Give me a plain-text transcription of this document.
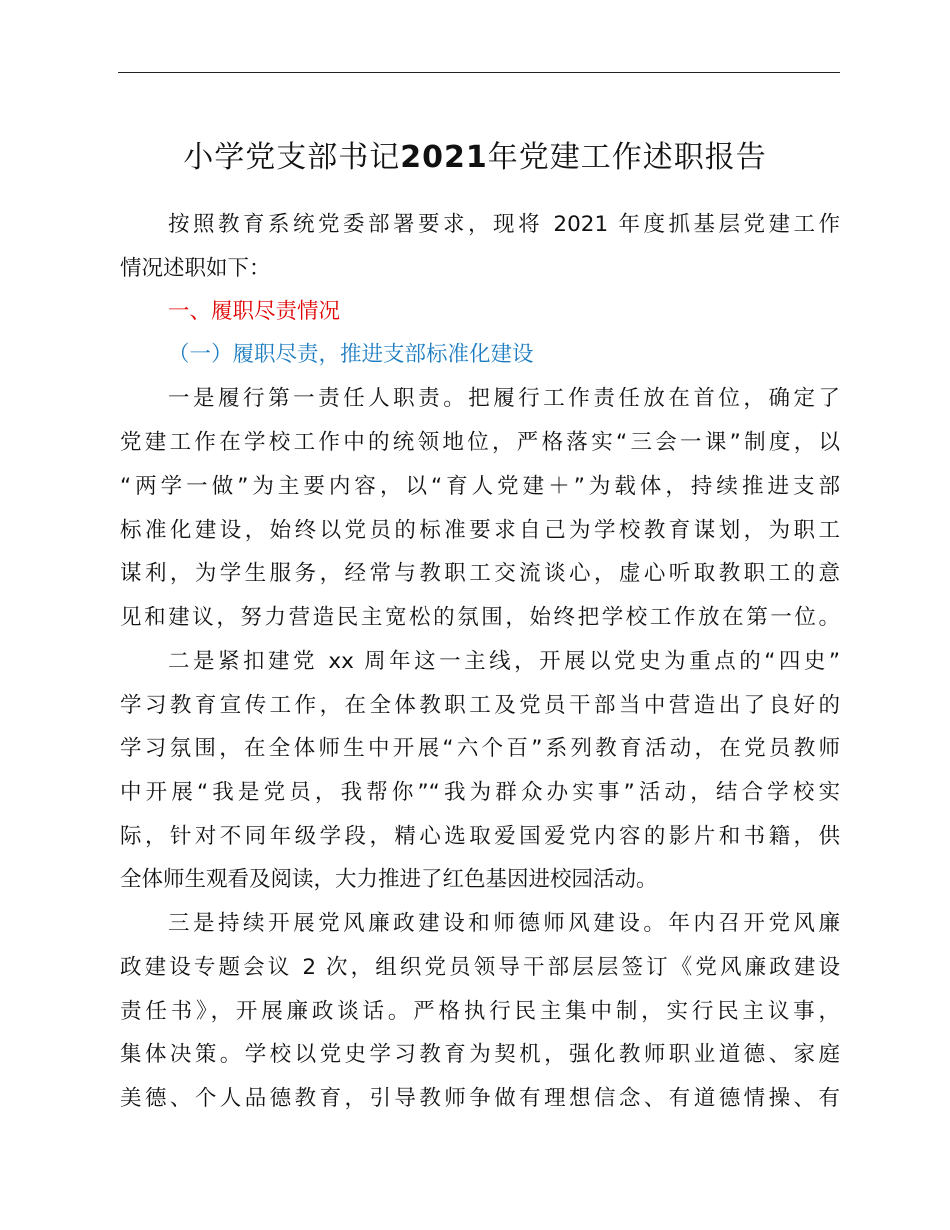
小学党支部书记2021年党建工作述职报告
按照教育系统党委部署要求，现将 2021 年度抓基层党建工作
情况述职如下：
一、履职尽责情况
（一）履职尽责，推进支部标准化建设
一是履行第一责任人职责。把履行工作责任放在首位，确定了
党建工作在学校工作中的统领地位，严格落实“三会一课”制度，以
“两学一做”为主要内容，以“育人党建＋”为载体，持续推进支部
标准化建设，始终以党员的标准要求自己为学校教育谋划，为职工
谋利，为学生服务，经常与教职工交流谈心，虚心听取教职工的意
见和建议，努力营造民主宽松的氛围，始终把学校工作放在第一位。
二是紧扣建党 xx 周年这一主线，开展以党史为重点的“四史”
学习教育宣传工作，在全体教职工及党员干部当中营造出了良好的
学习氛围，在全体师生中开展“六个百”系列教育活动，在党员教师
中开展“我是党员，我帮你”“我为群众办实事”活动，结合学校实
际，针对不同年级学段，精心选取爱国爱党内容的影片和书籍，供
全体师生观看及阅读，大力推进了红色基因进校园活动。
三是持续开展党风廉政建设和师德师风建设。年内召开党风廉
政建设专题会议 2 次，组织党员领导干部层层签订《党风廉政建设
责任书》，开展廉政谈话。严格执行民主集中制，实行民主议事，
集体决策。学校以党史学习教育为契机，强化教师职业道德、家庭
美德、个人品德教育，引导教师争做有理想信念、有道德情操、有
